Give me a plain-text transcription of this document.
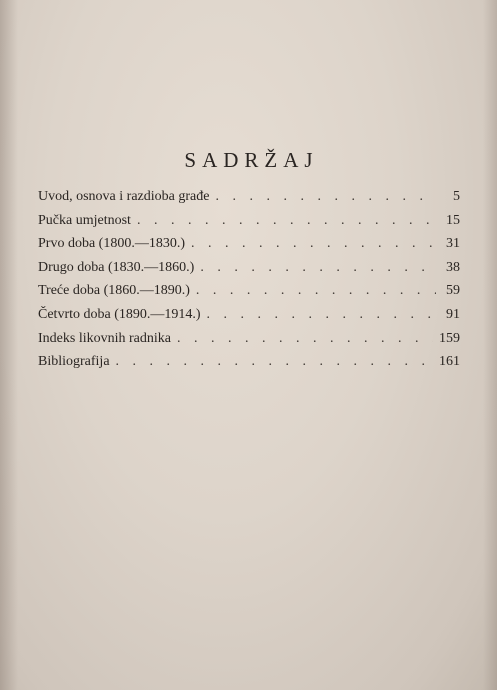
SADRŽAJ
Uvod, osnova i razdioba građe . . .	5
Pučka umjetnost . . .	15
Prvo doba (1800.—1830.) . . .	31
Drugo doba (1830.—1860.) . . .	38
Treće doba (1860.—1890.) . . .	59
Četvrto doba (1890.—1914.) . . .	91
Indeks likovnih radnika . . .	159
Bibliografija . . .	161
